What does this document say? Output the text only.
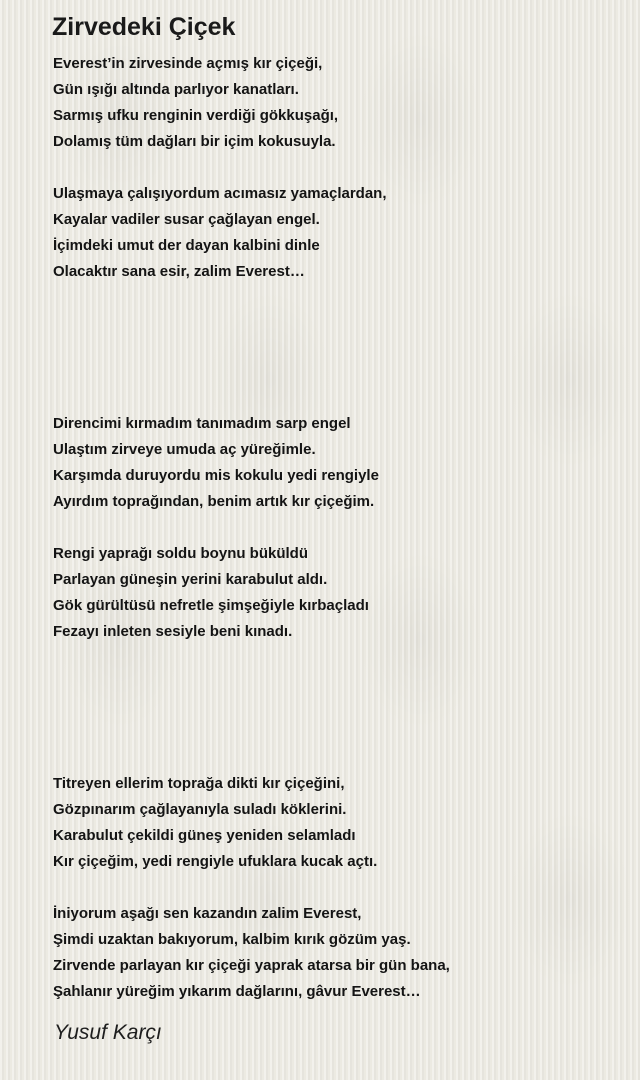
Zirvedeki Çiçek
Everest’in zirvesinde açmış kır çiçeği,
Gün ışığı altında parlıyor kanatları.
Sarmış ufku renginin verdiği gökkuşağı,
Dolamış tüm dağları bir içim kokusuyla.
Ulaşmaya çalışıyordum acımasız yamaçlardan,
Kayalar vadiler susar çağlayan engel.
İçimdeki umut der dayan kalbini dinle
Olacaktır sana esir, zalim Everest…
Direncimi kırmadım tanımadım sarp engel
Ulaştım zirveye umuda aç yüreğimle.
Karşımda duruyordu mis kokulu yedi rengiyle
Ayırdım toprağından, benim artık kır çiçeğim.
Rengi yaprağı soldu boynu büküldü
Parlayan güneşin yerini karabulut aldı.
Gök gürültüsü nefretle şimşeğiyle kırbaçladı
Fezayı inleten sesiyle beni kınadı.
Titreyen ellerim toprağa dikti kır çiçeğini,
Gözpınarım çağlayanıyla suladı köklerini.
Karabulut çekildi güneş yeniden selamladı
Kır çiçeğim, yedi rengiyle ufuklara kucak açtı.
İniyorum aşağı sen kazandın zalim Everest,
Şimdi uzaktan bakıyorum, kalbim kırık gözüm yaş.
Zirvende parlayan kır çiçeği yaprak atarsa bir gün bana,
Şahlanır yüreğim yıkarım dağlarını, gâvur Everest…

Yusuf Karçı
